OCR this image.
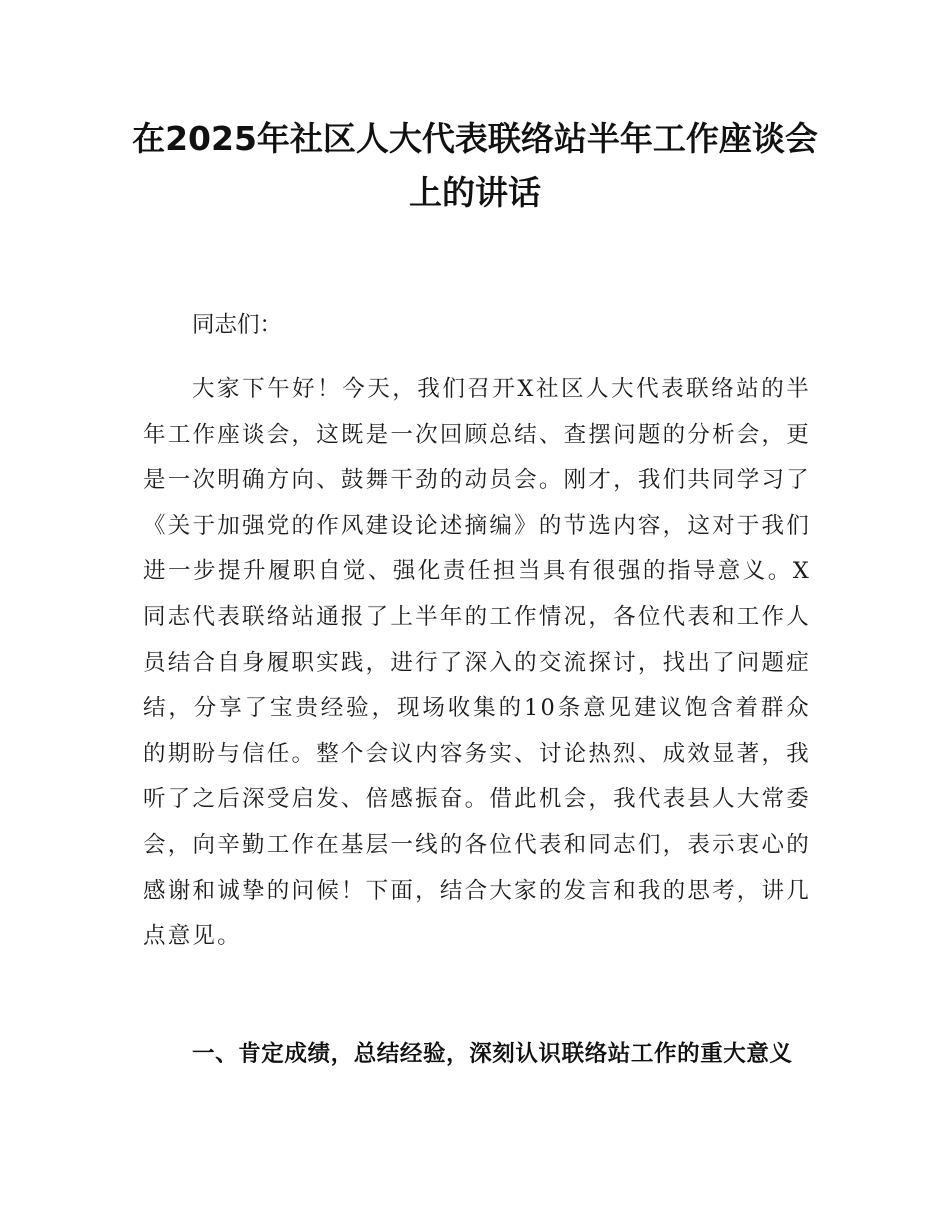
在2025年社区人大代表联络站半年工作座谈会上的讲话

同志们：

大家下午好！今天，我们召开X社区人大代表联络站的半年工作座谈会，这既是一次回顾总结、查摆问题的分析会，更是一次明确方向、鼓舞干劲的动员会。刚才，我们共同学习了《关于加强党的作风建设论述摘编》的节选内容，这对于我们进一步提升履职自觉、强化责任担当具有很强的指导意义。X同志代表联络站通报了上半年的工作情况，各位代表和工作人员结合自身履职实践，进行了深入的交流探讨，找出了问题症结，分享了宝贵经验，现场收集的10条意见建议饱含着群众的期盼与信任。整个会议内容务实、讨论热烈、成效显著，我听了之后深受启发、倍感振奋。借此机会，我代表县人大常委会，向辛勤工作在基层一线的各位代表和同志们，表示衷心的感谢和诚挚的问候！下面，结合大家的发言和我的思考，讲几点意见。

一、肯定成绩，总结经验，深刻认识联络站工作的重大意义
